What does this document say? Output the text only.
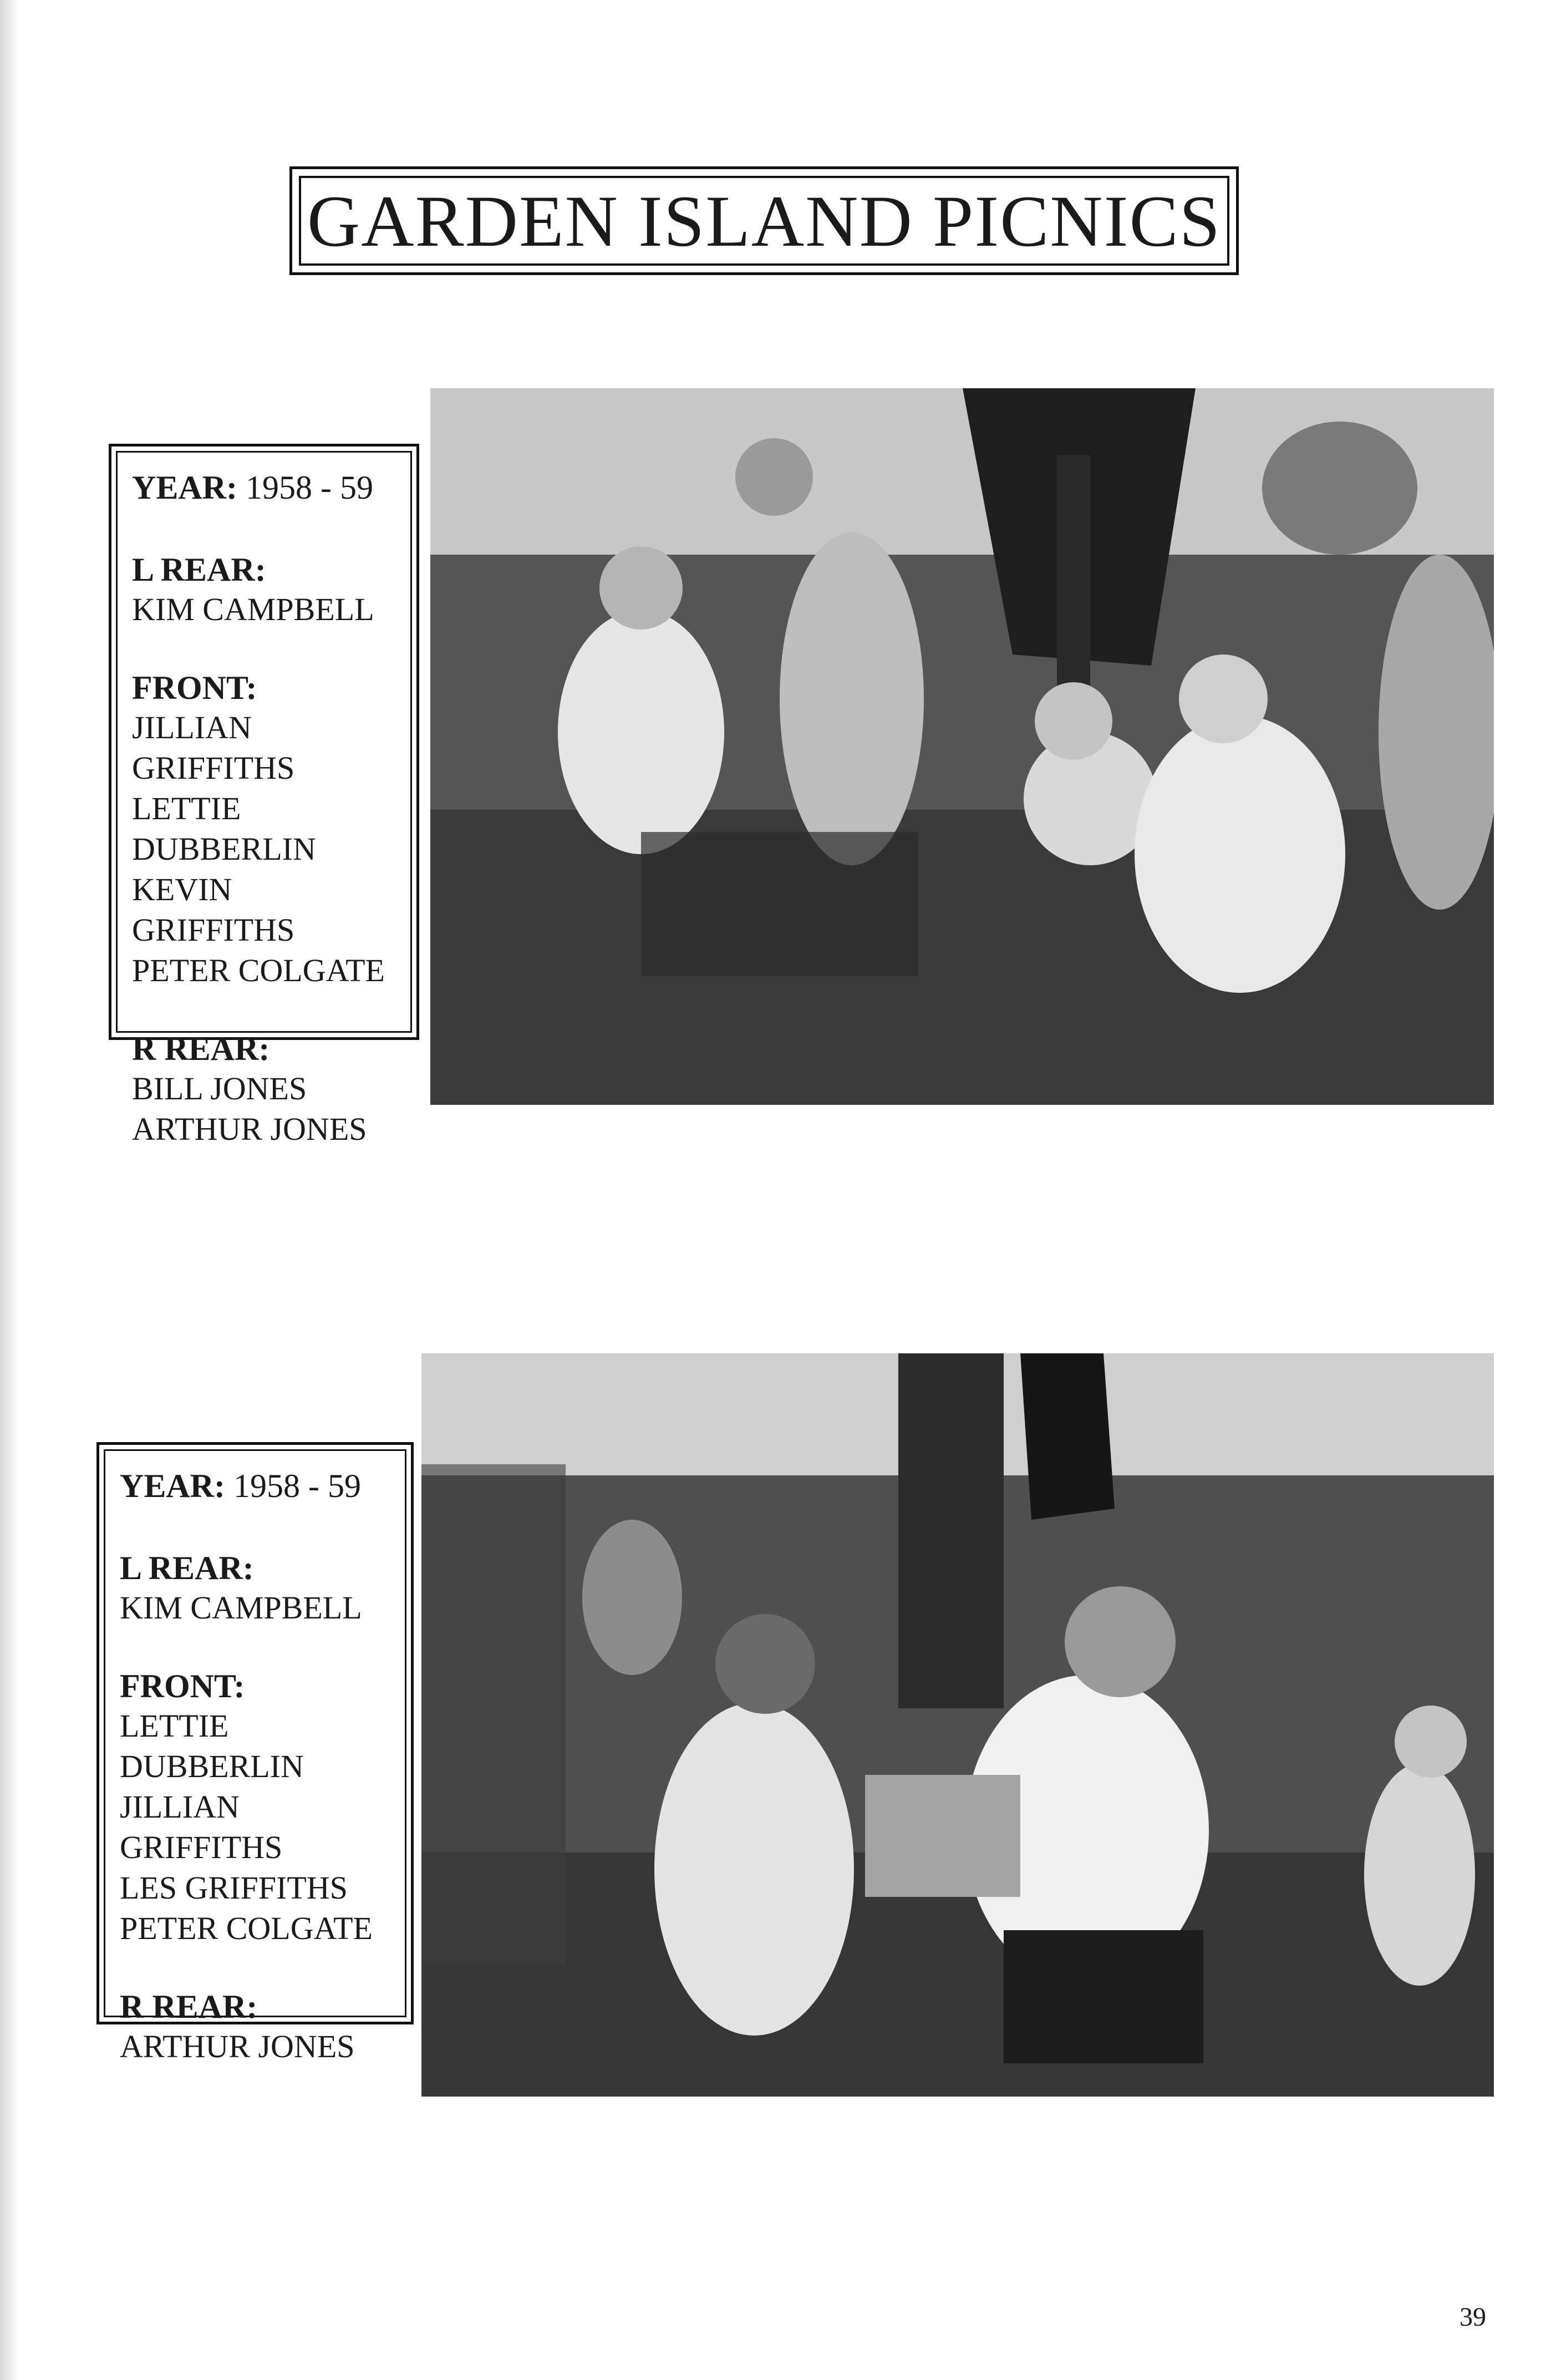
GARDEN ISLAND PICNICS
YEAR: 1958 - 59
L REAR:
KIM CAMPBELL
FRONT:
JILLIAN GRIFFITHS
LETTIE DUBBERLIN
KEVIN GRIFFITHS
PETER COLGATE
R REAR:
BILL JONES
ARTHUR JONES
YEAR: 1958 - 59
L REAR:
KIM CAMPBELL
FRONT:
LETTIE DUBBERLIN
JILLIAN GRIFFITHS
LES GRIFFITHS
PETER COLGATE
R REAR:
ARTHUR JONES
39
